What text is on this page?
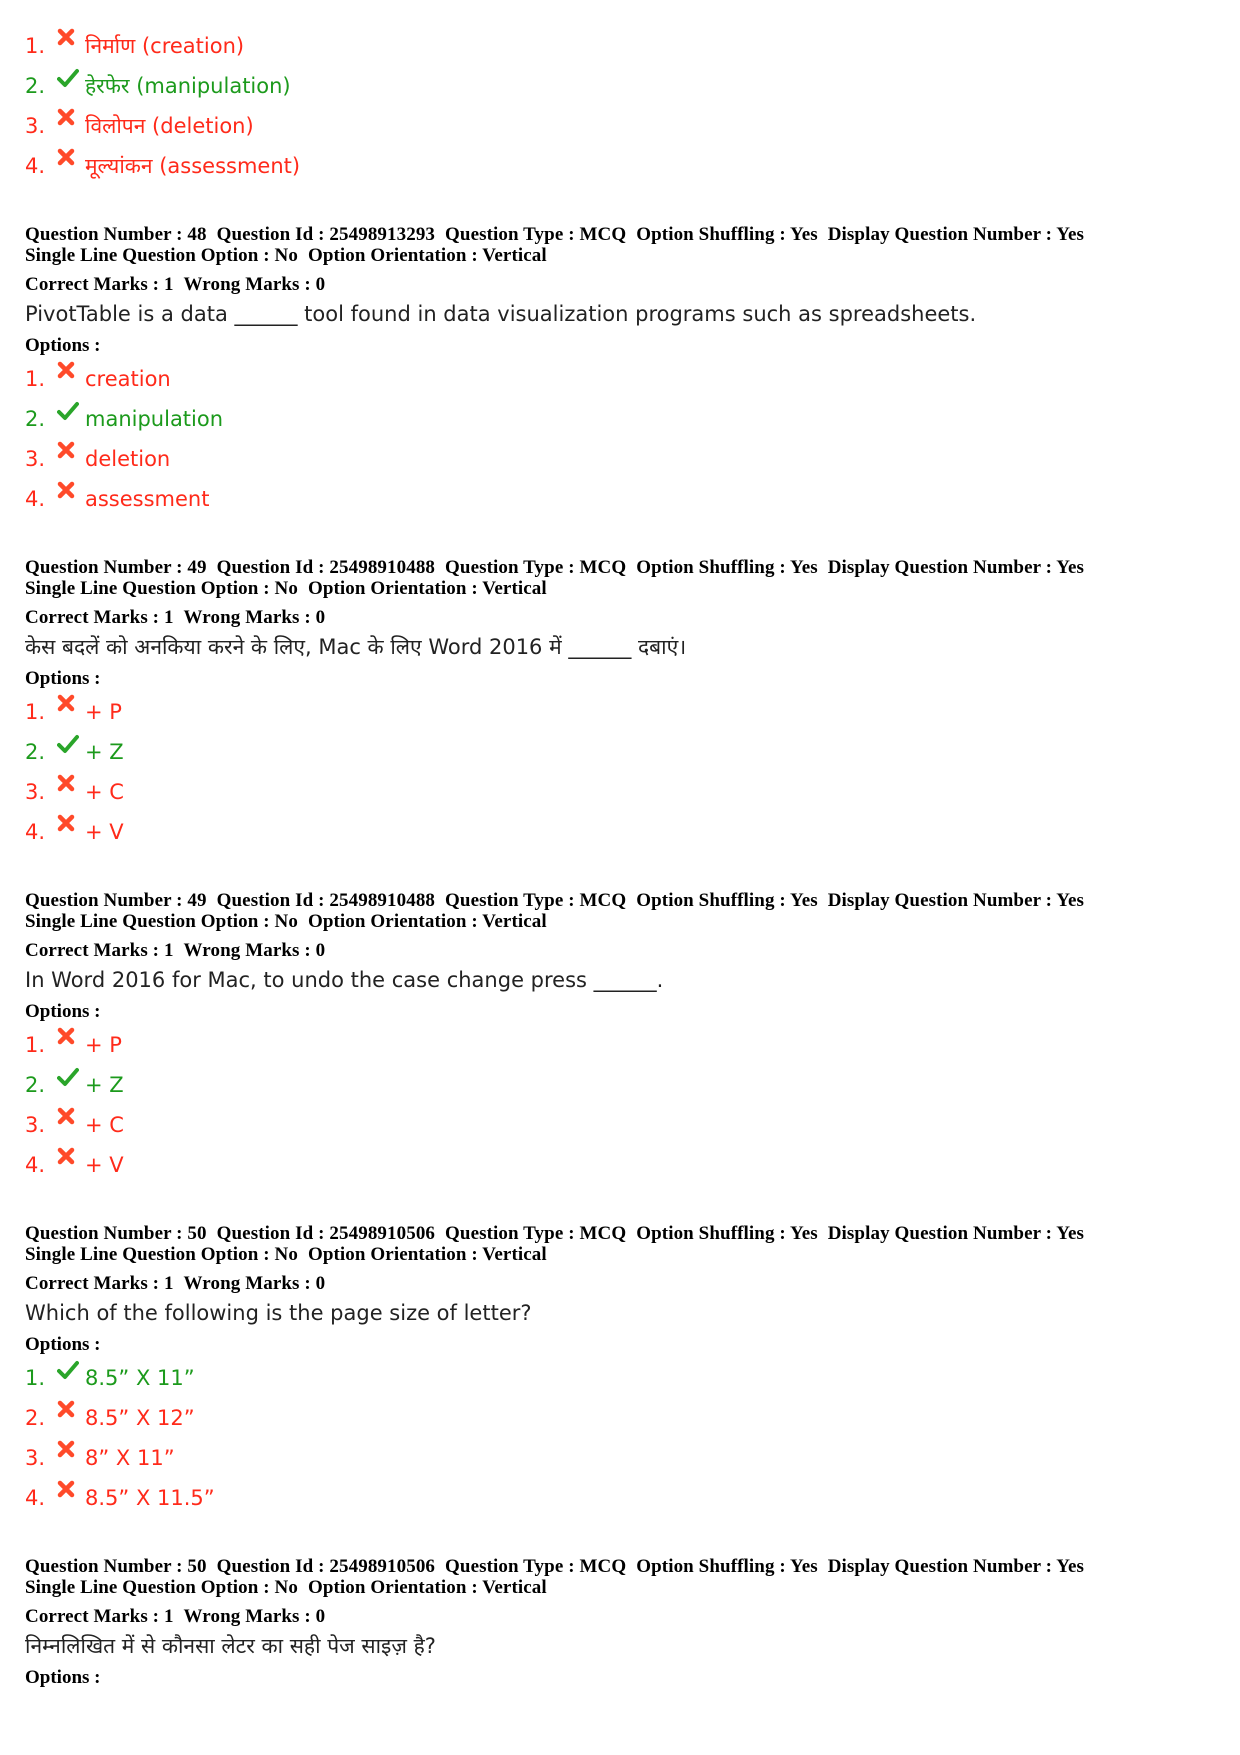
1.	निर्माण (creation)
2.	हेरफेर (manipulation)
3.	विलोपन (deletion)
4.	मूल्यांकन (assessment)
Question Number : 48 Question Id : 25498913293 Question Type : MCQ Option Shuffling : Yes Display Question Number : Yes
Single Line Question Option : No Option Orientation : Vertical
Correct Marks : 1 Wrong Marks : 0
PivotTable is a data ______ tool found in data visualization programs such as spreadsheets.
Options :
1.	creation
2.	manipulation
3.	deletion
4.	assessment
Question Number : 49 Question Id : 25498910488 Question Type : MCQ Option Shuffling : Yes Display Question Number : Yes
Single Line Question Option : No Option Orientation : Vertical
Correct Marks : 1 Wrong Marks : 0
केस बदलें को अनकिया करने के लिए, Mac के लिए Word 2016 में ______ दबाएं।
Options :
1.	+ P
2.	+ Z
3.	+ C
4.	+ V
Question Number : 49 Question Id : 25498910488 Question Type : MCQ Option Shuffling : Yes Display Question Number : Yes
Single Line Question Option : No Option Orientation : Vertical
Correct Marks : 1 Wrong Marks : 0
In Word 2016 for Mac, to undo the case change press ______.
Options :
1.	+ P
2.	+ Z
3.	+ C
4.	+ V
Question Number : 50 Question Id : 25498910506 Question Type : MCQ Option Shuffling : Yes Display Question Number : Yes
Single Line Question Option : No Option Orientation : Vertical
Correct Marks : 1 Wrong Marks : 0
Which of the following is the page size of letter?
Options :
1.	8.5” X 11”
2.	8.5” X 12”
3.	8” X 11”
4.	8.5” X 11.5”
Question Number : 50 Question Id : 25498910506 Question Type : MCQ Option Shuffling : Yes Display Question Number : Yes
Single Line Question Option : No Option Orientation : Vertical
Correct Marks : 1 Wrong Marks : 0
निम्नलिखित में से कौनसा लेटर का सही पेज साइज़ है?
Options :
